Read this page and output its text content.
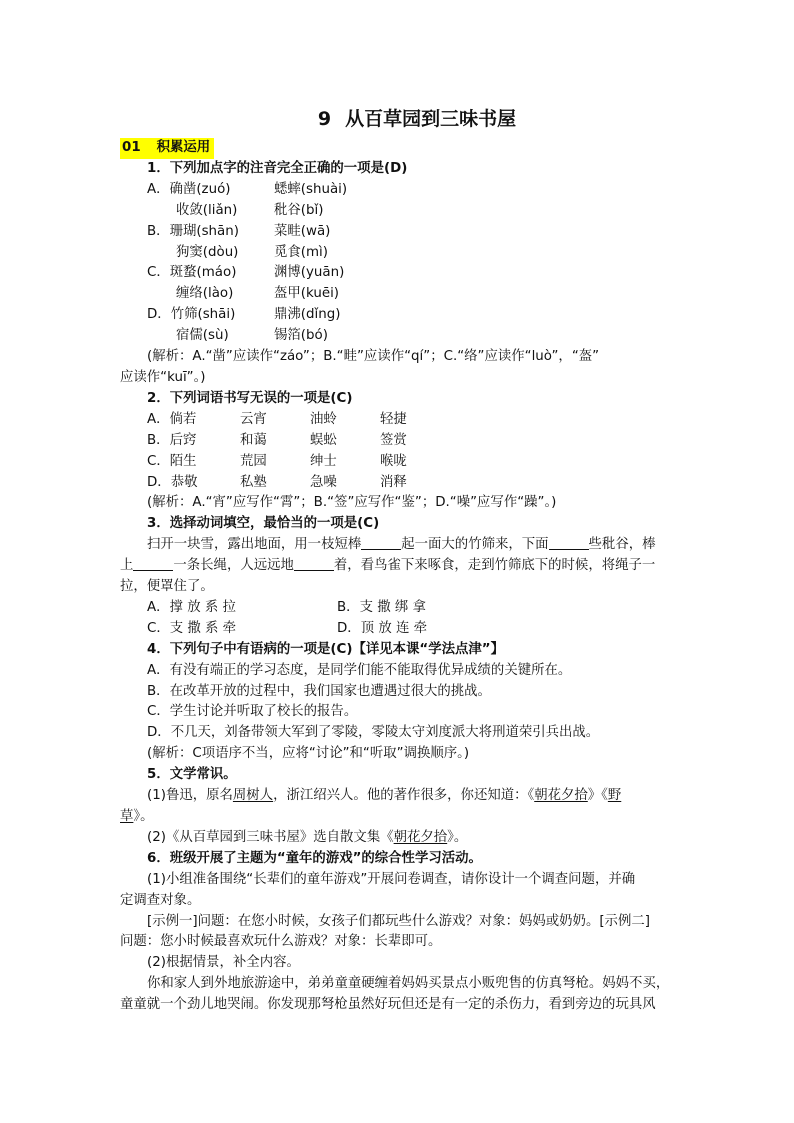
9 从百草园到三味书屋
01 积累运用
1．下列加点字的注音完全正确的一项是(D)
A．确凿(zuó)	蟋蟀(shuài)
收敛(liǎn)	秕谷(bǐ)
B．珊瑚(shān)	菜畦(wā)
狗窦(dòu)	觅食(mì)
C．斑蝥(máo)	渊博(yuān)
缠络(lào)	盔甲(kuēi)
D．竹筛(shāi)	鼎沸(dǐng)
宿儒(sù)	锡箔(bó)
(解析：A.“凿”应读作“záo”；B.“畦”应读作“qí”；C.“络”应读作“luò”，“盔”
应读作“kuī”。)
2．下列词语书写无误的一项是(C)
A．倘若	云宵	油蛉	轻捷
B．后窍	和蔼	蜈蚣	签赏
C．陌生	荒园	绅士	喉咙
D．恭敬	私塾	急噪	消释
(解析：A.“宵”应写作“霄”；B.“签”应写作“鉴”；D.“噪”应写作“躁”。)
3．选择动词填空，最恰当的一项是(C)
扫开一块雪，露出地面，用一枝短棒	起一面大的竹筛来，下面	些秕谷，棒
上	一条长绳，人远远地	着，看鸟雀下来啄食，走到竹筛底下的时候，将绳子一
拉，便罩住了。
A．撑 放 系 拉	B．支 撒 绑 拿
C．支 撒 系 牵	D．顶 放 连 牵
4．下列句子中有语病的一项是(C)【详见本课“学法点津”】
A．有没有端正的学习态度，是同学们能不能取得优异成绩的关键所在。
B．在改革开放的过程中，我们国家也遭遇过很大的挑战。
C．学生讨论并听取了校长的报告。
D．不几天，刘备带领大军到了零陵，零陵太守刘度派大将刑道荣引兵出战。
(解析：C项语序不当，应将“讨论”和“听取”调换顺序。)
5．文学常识。
(1)鲁迅，原名周树人，浙江绍兴人。他的著作很多，你还知道：《朝花夕拾》《野
草》。
(2)《从百草园到三味书屋》选自散文集《朝花夕拾》。
6．班级开展了主题为“童年的游戏”的综合性学习活动。
(1)小组准备围绕“长辈们的童年游戏”开展问卷调查，请你设计一个调查问题，并确
定调查对象。
[示例一]问题：在您小时候，女孩子们都玩些什么游戏？对象：妈妈或奶奶。[示例二]
问题：您小时候最喜欢玩什么游戏？对象：长辈即可。
(2)根据情景，补全内容。
你和家人到外地旅游途中，弟弟童童硬缠着妈妈买景点小贩兜售的仿真弩枪。妈妈不买，
童童就一个劲儿地哭闹。你发现那弩枪虽然好玩但还是有一定的杀伤力，看到旁边的玩具风
